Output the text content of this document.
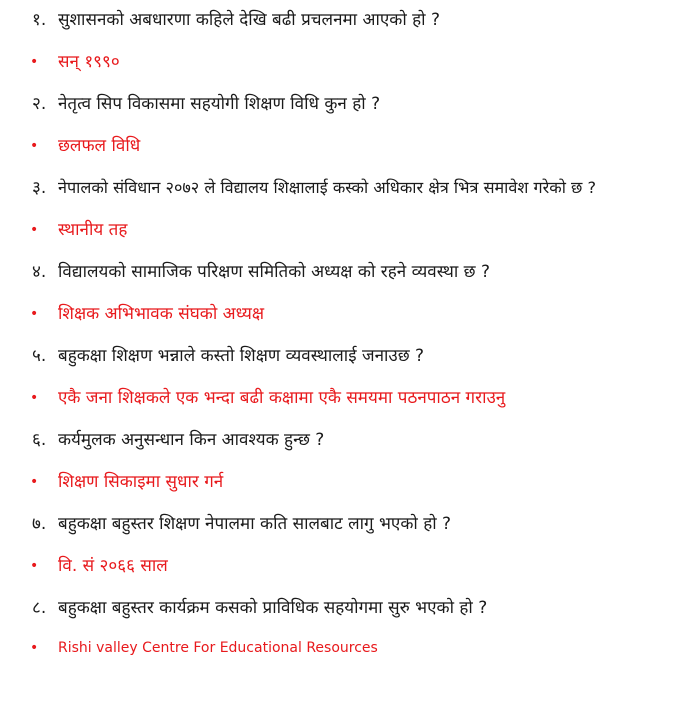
१. सुशासनको अबधारणा कहिले देखि बढी प्रचलनमा आएको हो ?
• सन् १९९०
२. नेतृत्व सिप विकासमा सहयोगी शिक्षण विधि कुन हो ?
• छलफल विधि
३. नेपालको संविधान २०७२ ले विद्यालय शिक्षालाई कस्को अधिकार क्षेत्र भित्र समावेश गरेको छ ?
• स्थानीय तह
४. विद्यालयको सामाजिक परिक्षण समितिको अध्यक्ष को रहने व्यवस्था छ ?
• शिक्षक अभिभावक संघको अध्यक्ष
५. बहुकक्षा शिक्षण भन्नाले कस्तो शिक्षण व्यवस्थालाई जनाउछ ?
• एकै जना शिक्षकले एक भन्दा बढी कक्षामा एकै समयमा पठनपाठन गराउनु
६. कर्यमुलक अनुसन्धान किन आवश्यक हुन्छ ?
• शिक्षण सिकाइमा सुधार गर्न
७. बहुकक्षा बहुस्तर शिक्षण नेपालमा कति सालबाट लागु भएको हो ?
• वि. सं २०६६ साल
८. बहुकक्षा बहुस्तर कार्यक्रम कसको प्राविधिक सहयोगमा सुरु भएको हो ?
• Rishi valley Centre For Educational Resources
